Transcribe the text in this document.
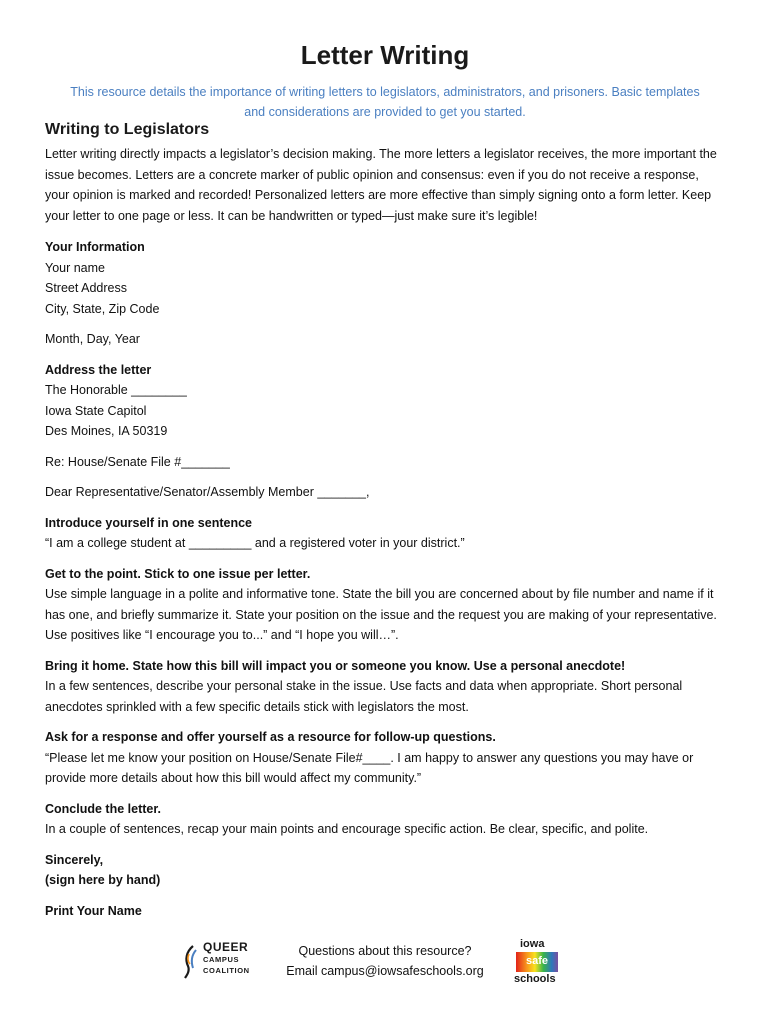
Letter Writing
This resource details the importance of writing letters to legislators, administrators, and prisoners. Basic templates and considerations are provided to get you started.
Writing to Legislators

Letter writing directly impacts a legislator’s decision making. The more letters a legislator receives, the more important the issue becomes. Letters are a concrete marker of public opinion and consensus: even if you do not receive a response, your opinion is marked and recorded! Personalized letters are more effective than simply signing onto a form letter. Keep your letter to one page or less. It can be handwritten or typed—just make sure it’s legible!

Your Information

Your name

Street Address

City, State, Zip Code

Month, Day, Year

Address the letter

The Honorable ________

Iowa State Capitol

Des Moines, IA 50319

Re: House/Senate File #_______

Dear Representative/Senator/Assembly Member _______,

Introduce yourself in one sentence

“I am a college student at _________ and a registered voter in your district.”

Get to the point. Stick to one issue per letter.

Use simple language in a polite and informative tone. State the bill you are concerned about by file number and name if it has one, and briefly summarize it. State your position on the issue and the request you are making of your representative. Use positives like “I encourage you to...” and “I hope you will…”.

Bring it home. State how this bill will impact you or someone you know. Use a personal anecdote!

In a few sentences, describe your personal stake in the issue. Use facts and data when appropriate. Short personal anecdotes sprinkled with a few specific details stick with legislators the most.

Ask for a response and offer yourself as a resource for follow-up questions.

“Please let me know your position on House/Senate File#____. I am happy to answer any questions you may have or provide more details about how this bill would affect my community.”

Conclude the letter.

In a couple of sentences, recap your main points and encourage specific action. Be clear, specific, and polite.

Sincerely,

(sign here by hand)

Print Your Name

QUEER
CAMPUS
COALITION
Questions about this resource?
Email campus@iowsafeschools.org
iowa
safe
schools
